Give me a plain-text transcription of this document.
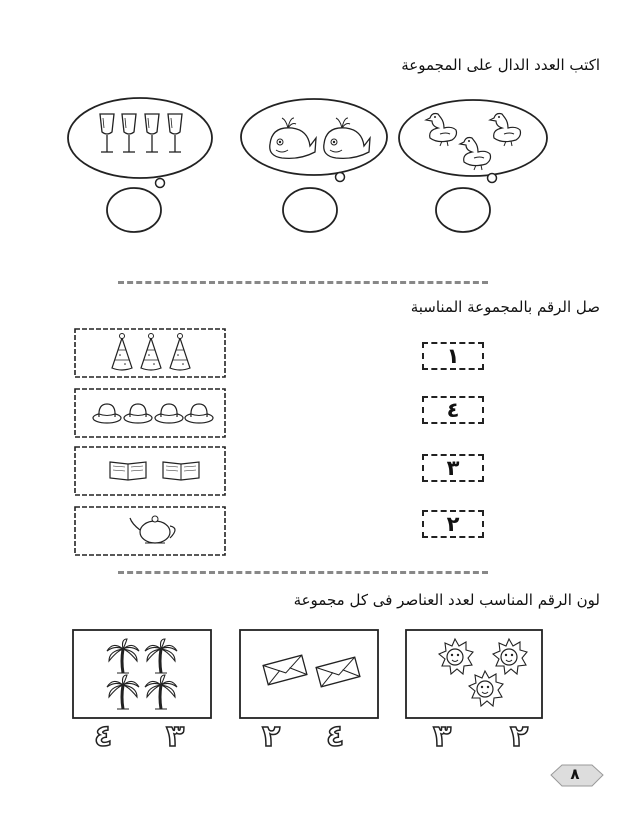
اكتب العدد الدال على المجموعة
صل الرقم بالمجموعة المناسبة
لون الرقم المناسب لعدد العناصر فى كل مجموعة
١
٤
٣
٢
٤ ٣	٢ ٤	٣ ٢
٨
